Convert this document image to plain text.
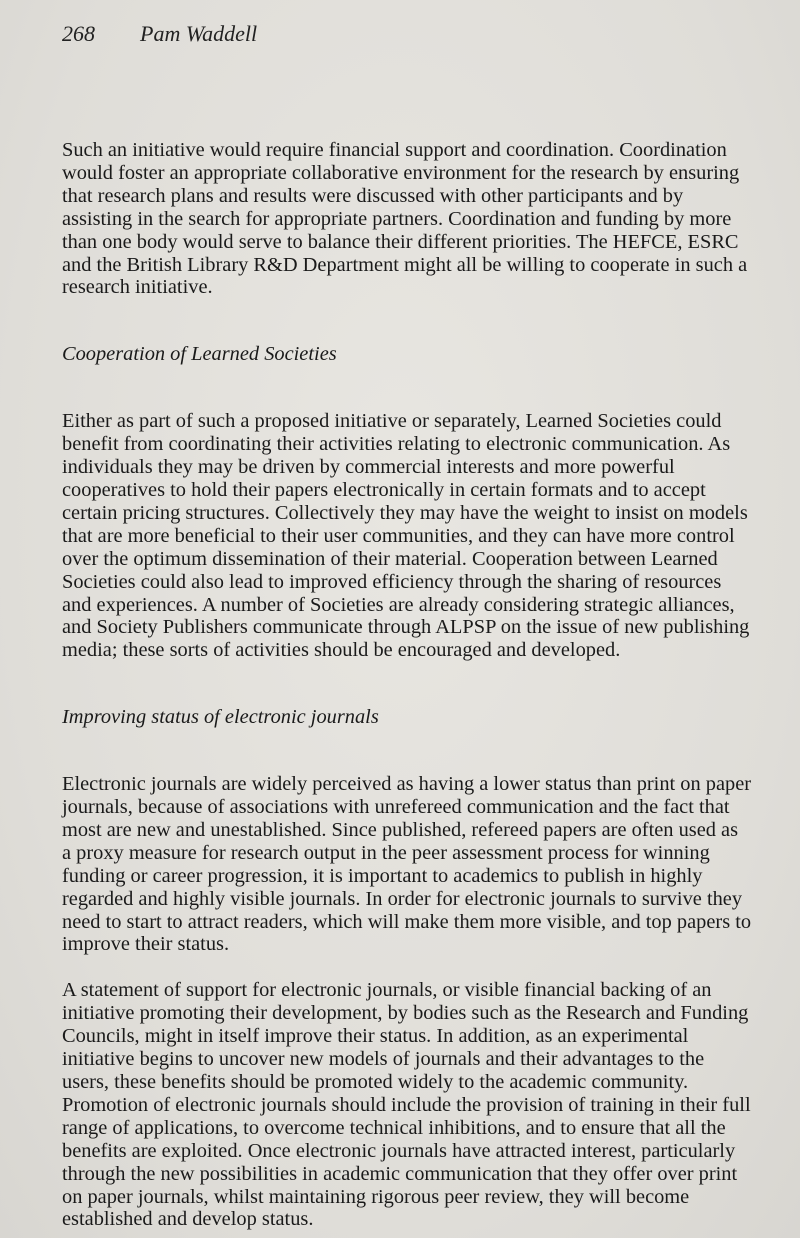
268 Pam Waddell

Such an initiative would require financial support and coordination. Coordination would foster an appropriate collaborative environment for the research by ensuring that research plans and results were discussed with other participants and by assisting in the search for appropriate partners. Coordination and funding by more than one body would serve to balance their different priorities. The HEFCE, ESRC and the British Library R&D Department might all be willing to cooperate in such a research initiative.

Cooperation of Learned Societies

Either as part of such a proposed initiative or separately, Learned Societies could benefit from coordinating their activities relating to electronic communication. As individuals they may be driven by commercial interests and more powerful cooperatives to hold their papers electronically in certain formats and to accept certain pricing structures. Collectively they may have the weight to insist on models that are more beneficial to their user communities, and they can have more control over the optimum dissemination of their material. Cooperation between Learned Societies could also lead to improved efficiency through the sharing of resources and experiences. A number of Societies are already considering strategic alliances, and Society Publishers communicate through ALPSP on the issue of new publishing media; these sorts of activities should be encouraged and developed.

Improving status of electronic journals

Electronic journals are widely perceived as having a lower status than print on paper journals, because of associations with unrefereed communication and the fact that most are new and unestablished. Since published, refereed papers are often used as a proxy measure for research output in the peer assessment process for winning funding or career progression, it is important to academics to publish in highly regarded and highly visible journals. In order for electronic journals to survive they need to start to attract readers, which will make them more visible, and top papers to improve their status.

A statement of support for electronic journals, or visible financial backing of an initiative promoting their development, by bodies such as the Research and Funding Councils, might in itself improve their status. In addition, as an experimental initiative begins to uncover new models of journals and their advantages to the users, these benefits should be promoted widely to the academic community. Promotion of electronic journals should include the provision of training in their full range of applications, to overcome technical inhibitions, and to ensure that all the benefits are exploited. Once electronic journals have attracted interest, particularly through the new possibilities in academic communication that they offer over print on paper journals, whilst maintaining rigorous peer review, they will become established and develop status.
